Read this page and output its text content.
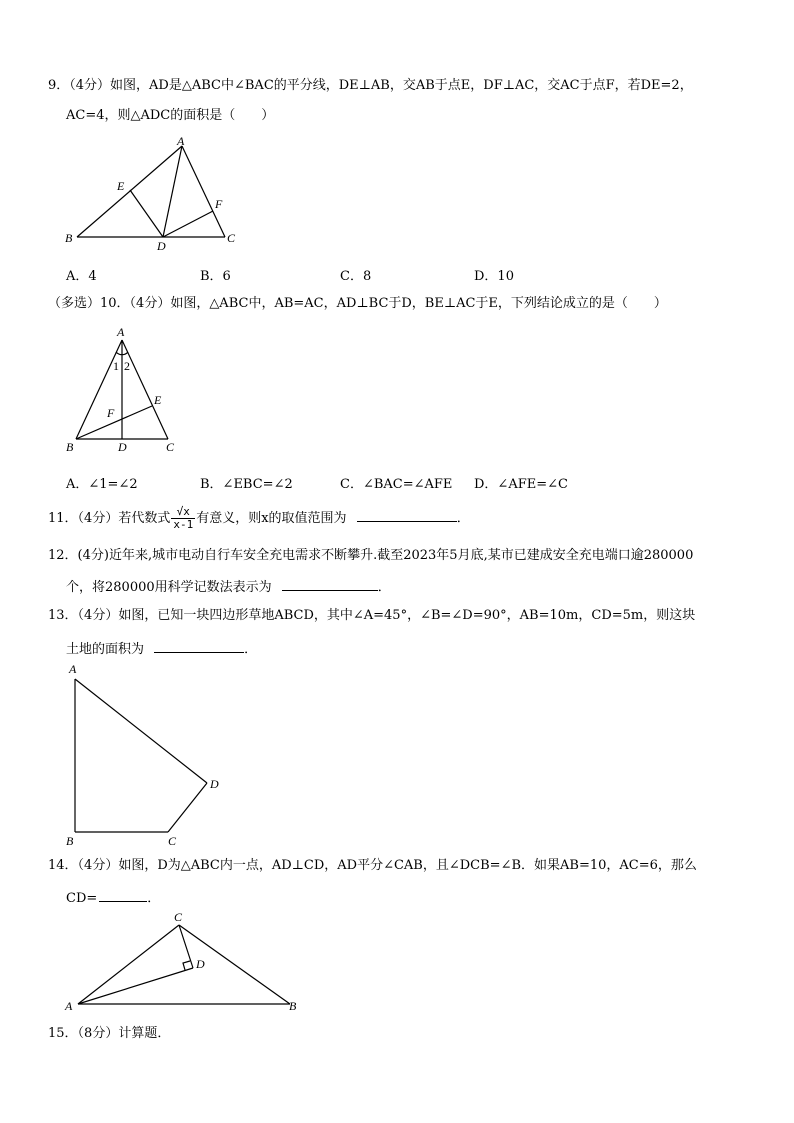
9．（4分）如图，AD是△ABC中∠BAC的平分线，DE⊥AB，交AB于点E，DF⊥AC，交AC于点F，若DE=2，
AC=4，则△ADC的面积是（　　）
A
E
F
B
D
C
A．4	B．6	C．8	D．10
（多选）10．（4分）如图，△ABC中，AB=AC，AD⊥BC于D，BE⊥AC于E，下列结论成立的是（　　）
A
1 2
E
F
B	D	C
A．∠1=∠2	B．∠EBC=∠2	C．∠BAC=∠AFE D．∠AFE=∠C
11．（4分）若代数式 $\frac{√x}{x-1}$ 有意义，则x的取值范围为	．
12．(4分)近年来,城市电动自行车安全充电需求不断攀升.截至2023年5月底,某市已建成安全充电端口逾280000
个，将280000用科学记数法表示为	．
13．（4分）如图，已知一块四边形草地ABCD，其中∠A=45°，∠B=∠D=90°，AB=10m，CD=5m，则这块
土地的面积为	．
A
D
B	C
14．（4分）如图，D为△ABC内一点，AD⊥CD，AD平分∠CAB，且∠DCB=∠B．如果AB=10，AC=6，那么
CD=	．
C
D
A	B
15．（8分）计算题．
